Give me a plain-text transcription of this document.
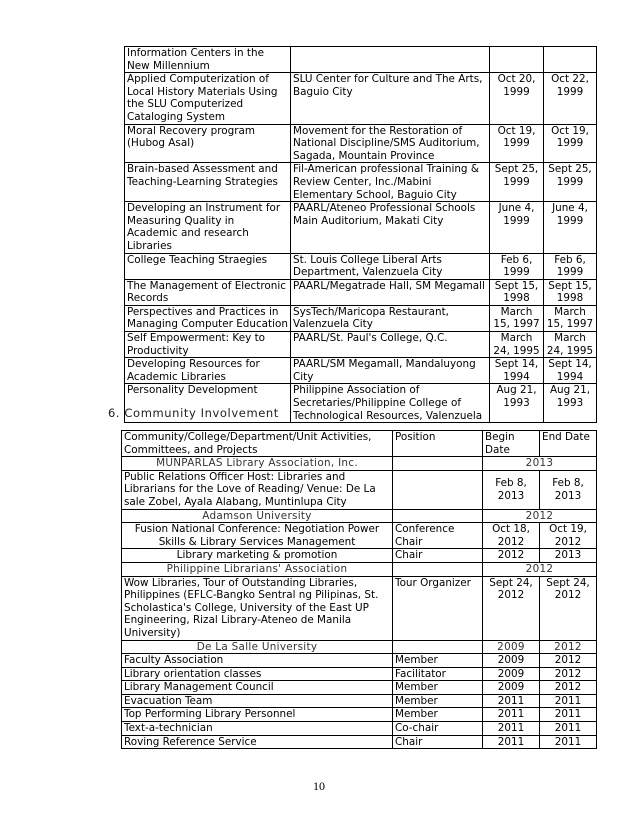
Information Centers in the New Millennium			
Applied Computerization of Local History Materials Using the SLU Computerized Cataloging System	SLU Center for Culture and The Arts, Baguio City	Oct 20, 1999	Oct 22, 1999
Moral Recovery program (Hubog Asal)	Movement for the Restoration of National Discipline/SMS Auditorium, Sagada, Mountain Province	Oct 19, 1999	Oct 19, 1999
Brain-based Assessment and Teaching-Learning Strategies	Fil-American professional Training & Review Center, Inc./Mabini Elementary School, Baguio City	Sept 25, 1999	Sept 25, 1999
Developing an Instrument for Measuring Quality in Academic and research Libraries	PAARL/Ateneo Professional Schools Main Auditorium, Makati City	June 4, 1999	June 4, 1999
College Teaching Straegies	St. Louis College Liberal Arts Department, Valenzuela City	Feb 6, 1999	Feb 6, 1999
The Management of Electronic Records	PAARL/Megatrade Hall, SM Megamall	Sept 15, 1998	Sept 15, 1998
Perspectives and Practices in Managing Computer Education	SysTech/Maricopa Restaurant, Valenzuela City	March 15, 1997	March 15, 1997
Self Empowerment: Key to Productivity	PAARL/St. Paul's College, Q.C.	March 24, 1995	March 24, 1995
Developing Resources for Academic Libraries	PAARL/SM Megamall, Mandaluyong City	Sept 14, 1994	Sept 14, 1994
Personality Development	Philippine Association of Secretaries/Philippine College of Technological Resources, Valenzuela	Aug 21, 1993	Aug 21, 1993
6. Community Involvement
Community/College/Department/Unit Activities, Committees, and Projects	Position	Begin Date	End Date
MUNPARLAS Library Association, Inc.		2013	
Public Relations Officer Host: Libraries and Librarians for the Love of Reading/ Venue: De La sale Zobel, Ayala Alabang, Muntinlupa City		Feb 8, 2013	Feb 8, 2013
Adamson University		2012	
Fusion National Conference: Negotiation Power Skills & Library Services Management	Conference Chair	Oct 18, 2012	Oct 19, 2012
Library marketing & promotion	Chair	2012	2013
Philippine Librarians' Association		2012	
Wow Libraries, Tour of Outstanding Libraries, Philippines (EFLC-Bangko Sentral ng Pilipinas, St. Scholastica's College, University of the East UP Engineering, Rizal Library-Ateneo de Manila University)	Tour Organizer	Sept 24, 2012	Sept 24, 2012
De La Salle University		2009	2012
Faculty Association	Member	2009	2012
Library orientation classes	Facilitator	2009	2012
Library Management Council	Member	2009	2012
Evacuation Team	Member	2011	2011
Top Performing Library Personnel	Member	2011	2011
Text-a-technician	Co-chair	2011	2011
Roving Reference Service	Chair	2011	2011
10
